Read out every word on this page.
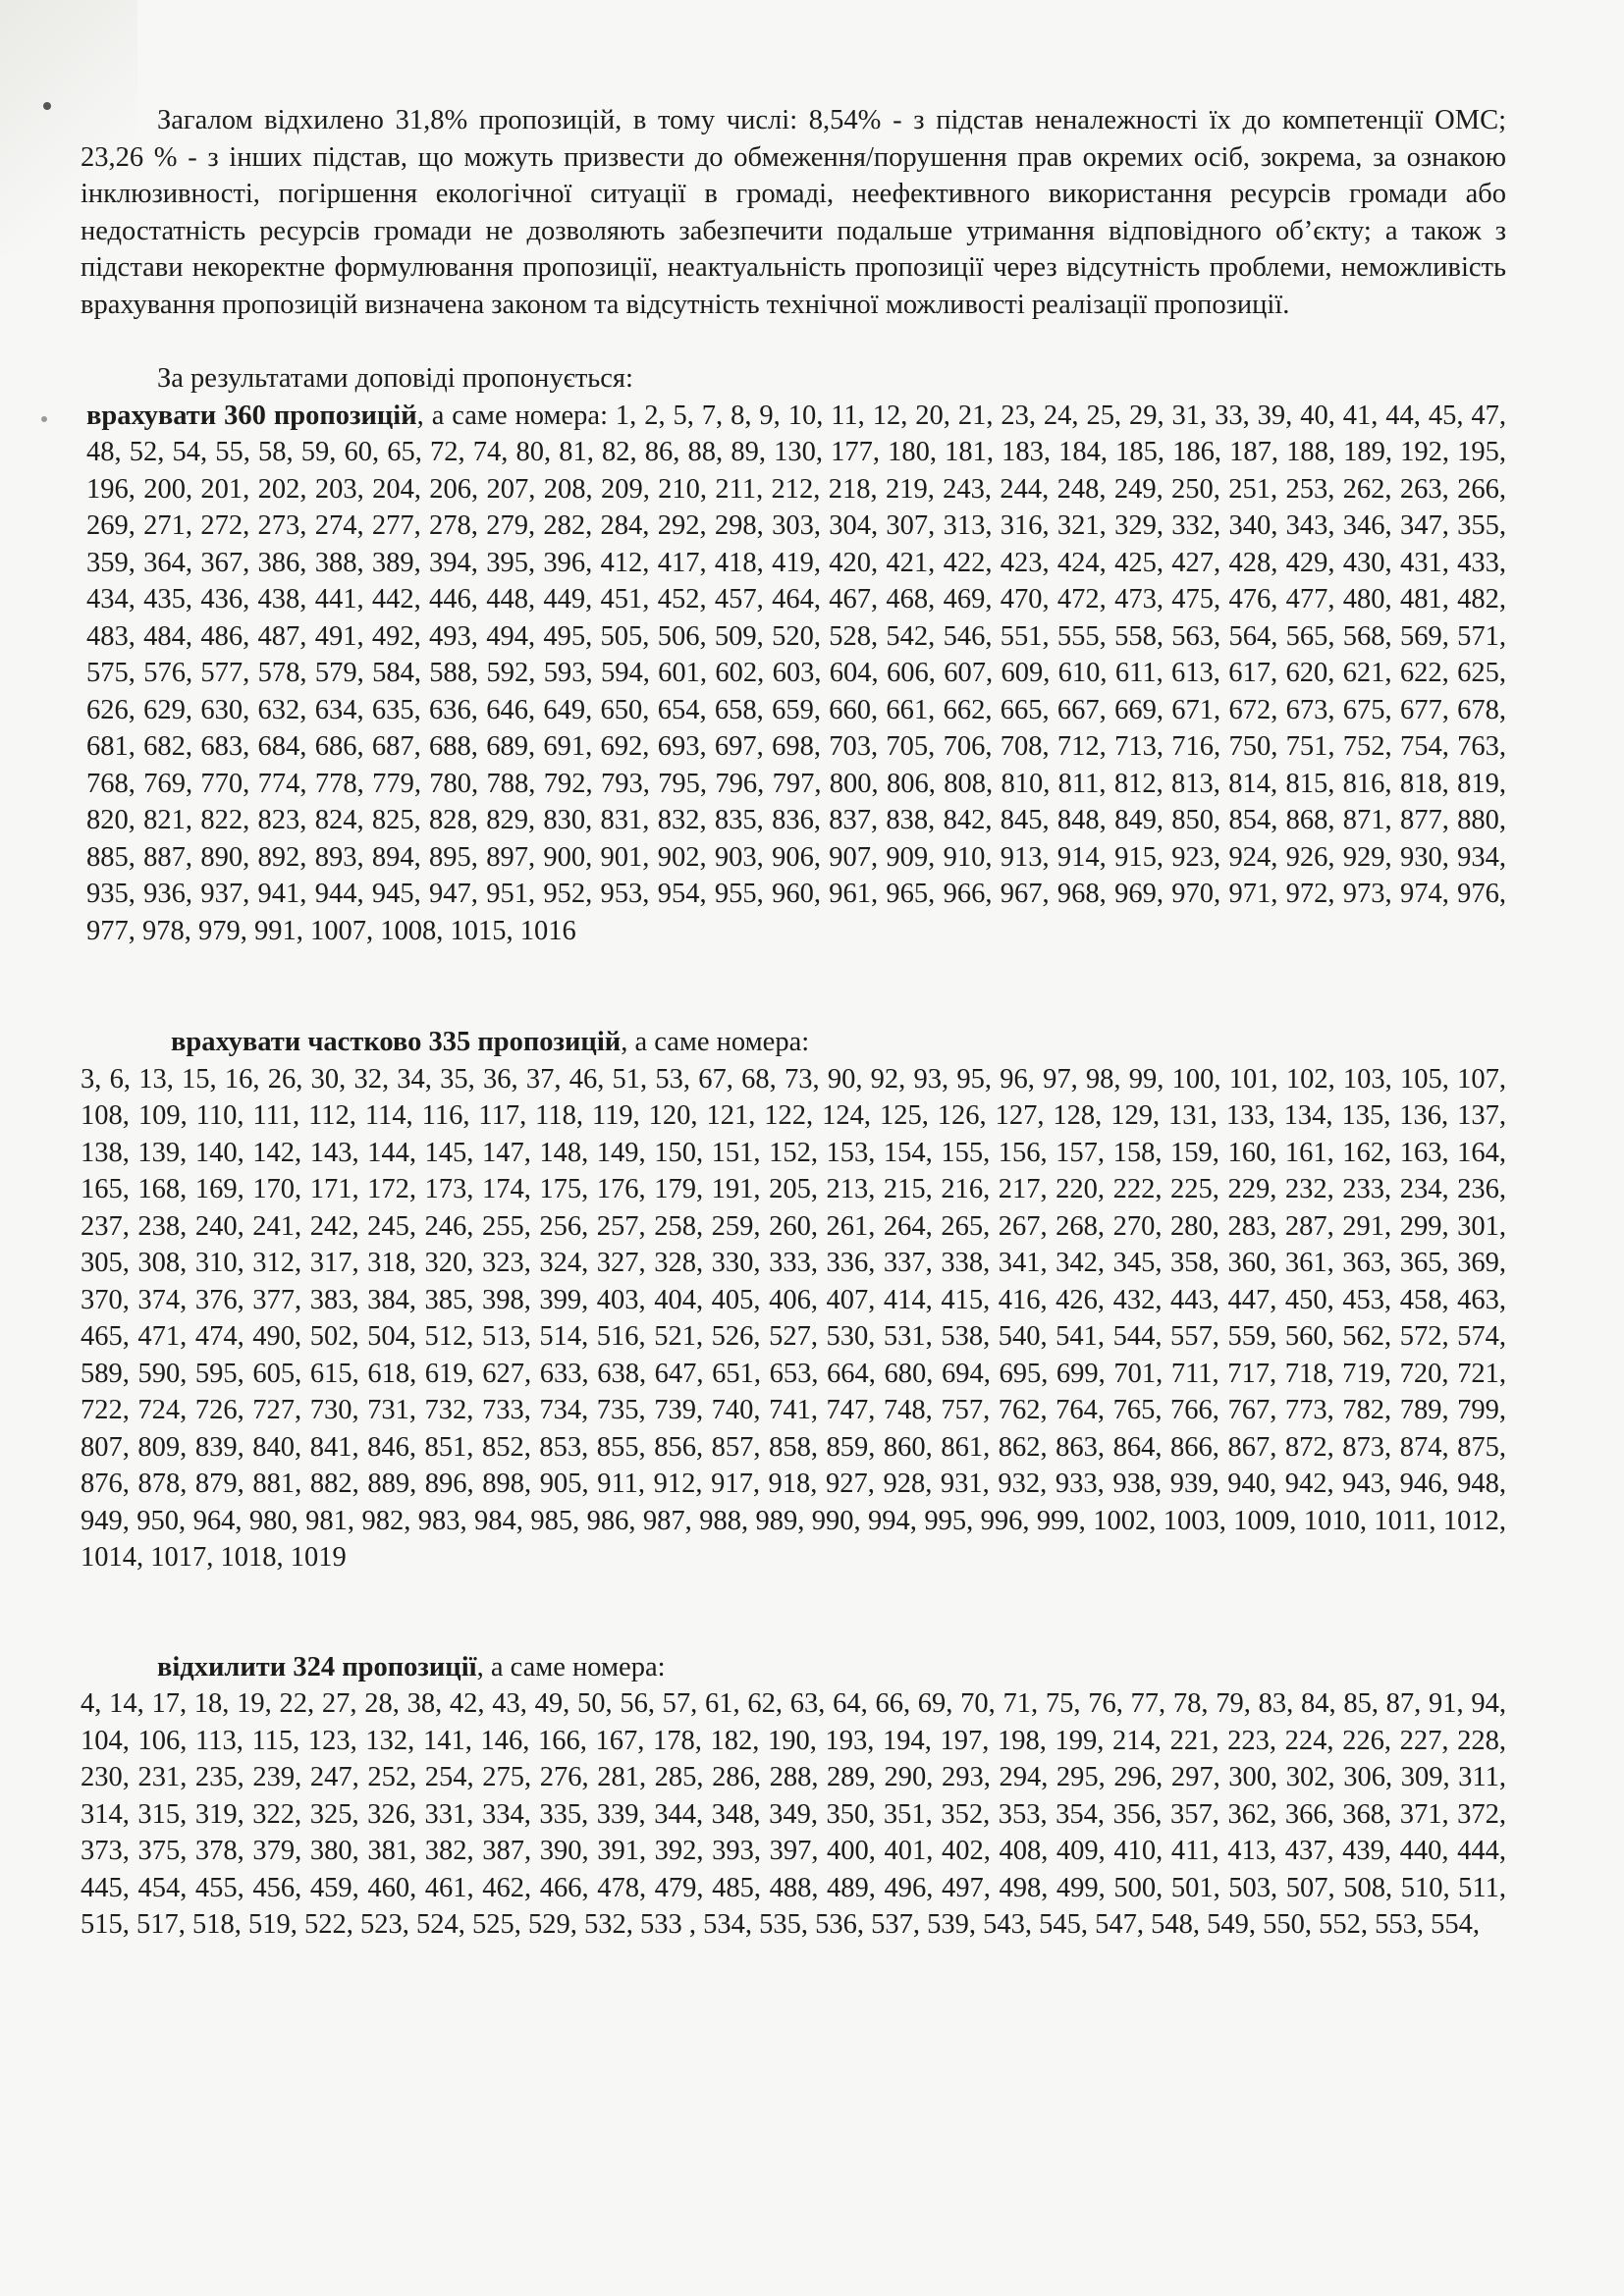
Загалом відхилено 31,8% пропозицій, в тому числі: 8,54% - з підстав неналежності їх до компетенції ОМС; 23,26 % - з інших підстав, що можуть призвести до обмеження/порушення прав окремих осіб, зокрема, за ознакою інклюзивності, погіршення екологічної ситуації в громаді, неефективного використання ресурсів громади або недостатність ресурсів громади не дозволяють забезпечити подальше утримання відповідного об’єкту; а також з підстави некоректне формулювання пропозиції, неактуальність пропозиції через відсутність проблеми, неможливість врахування пропозицій визначена законом та відсутність технічної можливості реалізації пропозиції.

За результатами доповіді пропонується:

врахувати 360 пропозицій, а саме номера: 1, 2, 5, 7, 8, 9, 10, 11, 12, 20, 21, 23, 24, 25, 29, 31, 33, 39, 40, 41, 44, 45, 47, 48, 52, 54, 55, 58, 59, 60, 65, 72, 74, 80, 81, 82, 86, 88, 89, 130, 177, 180, 181, 183, 184, 185, 186, 187, 188, 189, 192, 195, 196, 200, 201, 202, 203, 204, 206, 207, 208, 209, 210, 211, 212, 218, 219, 243, 244, 248, 249, 250, 251, 253, 262, 263, 266, 269, 271, 272, 273, 274, 277, 278, 279, 282, 284, 292, 298, 303, 304, 307, 313, 316, 321, 329, 332, 340, 343, 346, 347, 355, 359, 364, 367, 386, 388, 389, 394, 395, 396, 412, 417, 418, 419, 420, 421, 422, 423, 424, 425, 427, 428, 429, 430, 431, 433, 434, 435, 436, 438, 441, 442, 446, 448, 449, 451, 452, 457, 464, 467, 468, 469, 470, 472, 473, 475, 476, 477, 480, 481, 482, 483, 484, 486, 487, 491, 492, 493, 494, 495, 505, 506, 509, 520, 528, 542, 546, 551, 555, 558, 563, 564, 565, 568, 569, 571, 575, 576, 577, 578, 579, 584, 588, 592, 593, 594, 601, 602, 603, 604, 606, 607, 609, 610, 611, 613, 617, 620, 621, 622, 625, 626, 629, 630, 632, 634, 635, 636, 646, 649, 650, 654, 658, 659, 660, 661, 662, 665, 667, 669, 671, 672, 673, 675, 677, 678, 681, 682, 683, 684, 686, 687, 688, 689, 691, 692, 693, 697, 698, 703, 705, 706, 708, 712, 713, 716, 750, 751, 752, 754, 763, 768, 769, 770, 774, 778, 779, 780, 788, 792, 793, 795, 796, 797, 800, 806, 808, 810, 811, 812, 813, 814, 815, 816, 818, 819, 820, 821, 822, 823, 824, 825, 828, 829, 830, 831, 832, 835, 836, 837, 838, 842, 845, 848, 849, 850, 854, 868, 871, 877, 880, 885, 887, 890, 892, 893, 894, 895, 897, 900, 901, 902, 903, 906, 907, 909, 910, 913, 914, 915, 923, 924, 926, 929, 930, 934, 935, 936, 937, 941, 944, 945, 947, 951, 952, 953, 954, 955, 960, 961, 965, 966, 967, 968, 969, 970, 971, 972, 973, 974, 976, 977, 978, 979, 991, 1007, 1008, 1015, 1016

врахувати частково 335 пропозицій, а саме номера:

3, 6, 13, 15, 16, 26, 30, 32, 34, 35, 36, 37, 46, 51, 53, 67, 68, 73, 90, 92, 93, 95, 96, 97, 98, 99, 100, 101, 102, 103, 105, 107, 108, 109, 110, 111, 112, 114, 116, 117, 118, 119, 120, 121, 122, 124, 125, 126, 127, 128, 129, 131, 133, 134, 135, 136, 137, 138, 139, 140, 142, 143, 144, 145, 147, 148, 149, 150, 151, 152, 153, 154, 155, 156, 157, 158, 159, 160, 161, 162, 163, 164, 165, 168, 169, 170, 171, 172, 173, 174, 175, 176, 179, 191, 205, 213, 215, 216, 217, 220, 222, 225, 229, 232, 233, 234, 236, 237, 238, 240, 241, 242, 245, 246, 255, 256, 257, 258, 259, 260, 261, 264, 265, 267, 268, 270, 280, 283, 287, 291, 299, 301, 305, 308, 310, 312, 317, 318, 320, 323, 324, 327, 328, 330, 333, 336, 337, 338, 341, 342, 345, 358, 360, 361, 363, 365, 369, 370, 374, 376, 377, 383, 384, 385, 398, 399, 403, 404, 405, 406, 407, 414, 415, 416, 426, 432, 443, 447, 450, 453, 458, 463, 465, 471, 474, 490, 502, 504, 512, 513, 514, 516, 521, 526, 527, 530, 531, 538, 540, 541, 544, 557, 559, 560, 562, 572, 574, 589, 590, 595, 605, 615, 618, 619, 627, 633, 638, 647, 651, 653, 664, 680, 694, 695, 699, 701, 711, 717, 718, 719, 720, 721, 722, 724, 726, 727, 730, 731, 732, 733, 734, 735, 739, 740, 741, 747, 748, 757, 762, 764, 765, 766, 767, 773, 782, 789, 799, 807, 809, 839, 840, 841, 846, 851, 852, 853, 855, 856, 857, 858, 859, 860, 861, 862, 863, 864, 866, 867, 872, 873, 874, 875, 876, 878, 879, 881, 882, 889, 896, 898, 905, 911, 912, 917, 918, 927, 928, 931, 932, 933, 938, 939, 940, 942, 943, 946, 948, 949, 950, 964, 980, 981, 982, 983, 984, 985, 986, 987, 988, 989, 990, 994, 995, 996, 999, 1002, 1003, 1009, 1010, 1011, 1012, 1014, 1017, 1018, 1019

відхилити 324 пропозиції, а саме номера:

4, 14, 17, 18, 19, 22, 27, 28, 38, 42, 43, 49, 50, 56, 57, 61, 62, 63, 64, 66, 69, 70, 71, 75, 76, 77, 78, 79, 83, 84, 85, 87, 91, 94, 104, 106, 113, 115, 123, 132, 141, 146, 166, 167, 178, 182, 190, 193, 194, 197, 198, 199, 214, 221, 223, 224, 226, 227, 228, 230, 231, 235, 239, 247, 252, 254, 275, 276, 281, 285, 286, 288, 289, 290, 293, 294, 295, 296, 297, 300, 302, 306, 309, 311, 314, 315, 319, 322, 325, 326, 331, 334, 335, 339, 344, 348, 349, 350, 351, 352, 353, 354, 356, 357, 362, 366, 368, 371, 372, 373, 375, 378, 379, 380, 381, 382, 387, 390, 391, 392, 393, 397, 400, 401, 402, 408, 409, 410, 411, 413, 437, 439, 440, 444, 445, 454, 455, 456, 459, 460, 461, 462, 466, 478, 479, 485, 488, 489, 496, 497, 498, 499, 500, 501, 503, 507, 508, 510, 511, 515, 517, 518, 519, 522, 523, 524, 525, 529, 532, 533 , 534, 535, 536, 537, 539, 543, 545, 547, 548, 549, 550, 552, 553, 554,
